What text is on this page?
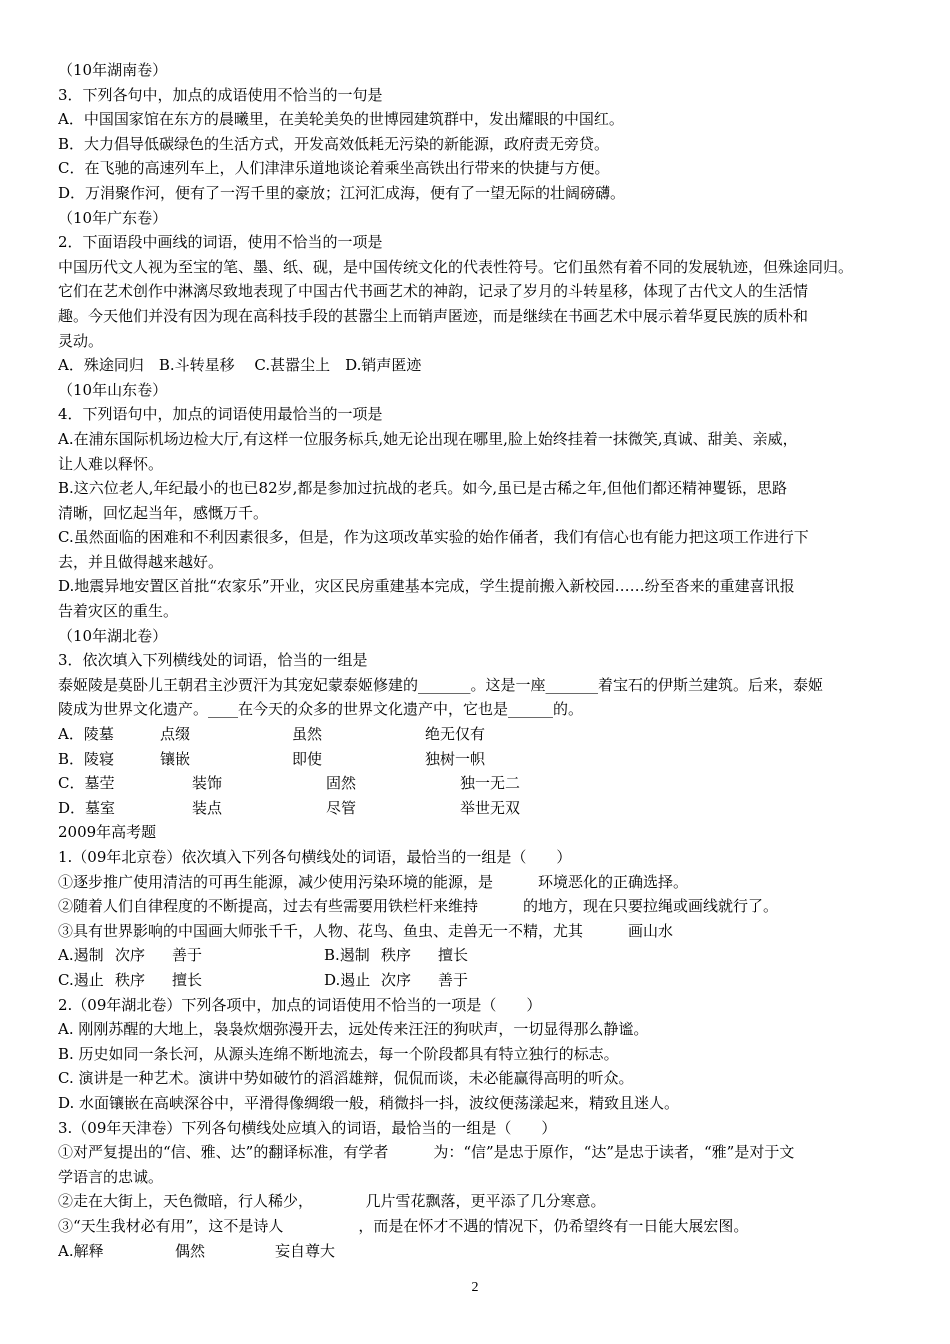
（10年湖南卷）
3．下列各句中，加点的成语使用不恰当的一句是
A．中国国家馆在东方的晨曦里，在美轮美奂的世博园建筑群中，发出耀眼的中国红。
B．大力倡导低碳绿色的生活方式，开发高效低耗无污染的新能源，政府责无旁贷。
C．在飞驰的高速列车上，人们津津乐道地谈论着乘坐高铁出行带来的快捷与方便。
D．万涓聚作河，便有了一泻千里的豪放；江河汇成海，便有了一望无际的壮阔磅礴。
（10年广东卷）
2．下面语段中画线的词语，使用不恰当的一项是
中国历代文人视为至宝的笔、墨、纸、砚，是中国传统文化的代表性符号。它们虽然有着不同的发展轨迹，但殊途同归。
它们在艺术创作中淋漓尽致地表现了中国古代书画艺术的神韵，记录了岁月的斗转星移，体现了古代文人的生活情
趣。今天他们并没有因为现在高科技手段的甚嚣尘上而销声匿迹，而是继续在书画艺术中展示着华夏民族的质朴和
灵动。
A．殊途同归　B.斗转星移　 C.甚嚣尘上　D.销声匿迹
（10年山东卷）
4．下列语句中，加点的词语使用最恰当的一项是
A.在浦东国际机场边检大厅,有这样一位服务标兵,她无论出现在哪里,脸上始终挂着一抹微笑,真诚、甜美、亲威，
让人难以释怀。
B.这六位老人,年纪最小的也已82岁,都是参加过抗战的老兵。如今,虽已是古稀之年,但他们都还精神矍铄，思路
清晰，回忆起当年，感慨万千。
C.虽然面临的困难和不利因素很多，但是，作为这项改革实验的始作俑者，我们有信心也有能力把这项工作进行下
去，并且做得越来越好。
D.地震异地安置区首批“农家乐”开业，灾区民房重建基本完成，学生提前搬入新校园……纷至沓来的重建喜讯报
告着灾区的重生。
（10年湖北卷）
3．依次填入下列横线处的词语，恰当的一组是
泰姬陵是莫卧儿王朝君主沙贾汗为其宠妃蒙泰姬修建的_______。这是一座_______着宝石的伊斯兰建筑。后来，泰姬
陵成为世界文化遗产。____在今天的众多的世界文化遗产中，它也是______的。
A．陵墓	点缀	虽然	绝无仅有
B．陵寝	镶嵌	即使	独树一帜
C．墓茔	装饰	固然	独一无二
D．墓室	装点	尽管	举世无双
2009年高考题
1.（09年北京卷）依次填入下列各句横线处的词语，最恰当的一组是（　　）
①逐步推广使用清洁的可再生能源，减少使用污染环境的能源，是　　　环境恶化的正确选择。
②随着人们自律程度的不断提高，过去有些需要用铁栏杆来维持　　　的地方，现在只要拉绳或画线就行了。
③具有世界影响的中国画大师张千千，人物、花鸟、鱼虫、走兽无一不精，尤其　　　画山水
A.遏制 次序	善于	B.遏制 秩序	擅长
C.遏止 秩序	擅长	D.遏止 次序	善于
2.（09年湖北卷）下列各项中，加点的词语使用不恰当的一项是（　　）
A. 刚刚苏醒的大地上，袅袅炊烟弥漫开去，远处传来汪汪的狗吠声，一切显得那么静谧。
B. 历史如同一条长河，从源头连绵不断地流去，每一个阶段都具有特立独行的标志。
C. 演讲是一种艺术。演讲中势如破竹的滔滔雄辩，侃侃而谈，未必能赢得高明的听众。
D. 水面镶嵌在高峡深谷中，平滑得像绸缎一般，稍微抖一抖，波纹便荡漾起来，精致且迷人。
3.（09年天津卷）下列各句横线处应填入的词语，最恰当的一组是（　　）
①对严复提出的“信、雅、达”的翻译标准，有学者　　　为：“信”是忠于原作，“达”是忠于读者，“雅”是对于文
学语言的忠诚。
②走在大街上，天色微暗，行人稀少，　　　　几片雪花飘落，更平添了几分寒意。
③“天生我材必有用”，这不是诗人　　　　　，而是在怀才不遇的情况下，仍希望终有一日能大展宏图。
A.解释	偶然	妄自尊大
2
